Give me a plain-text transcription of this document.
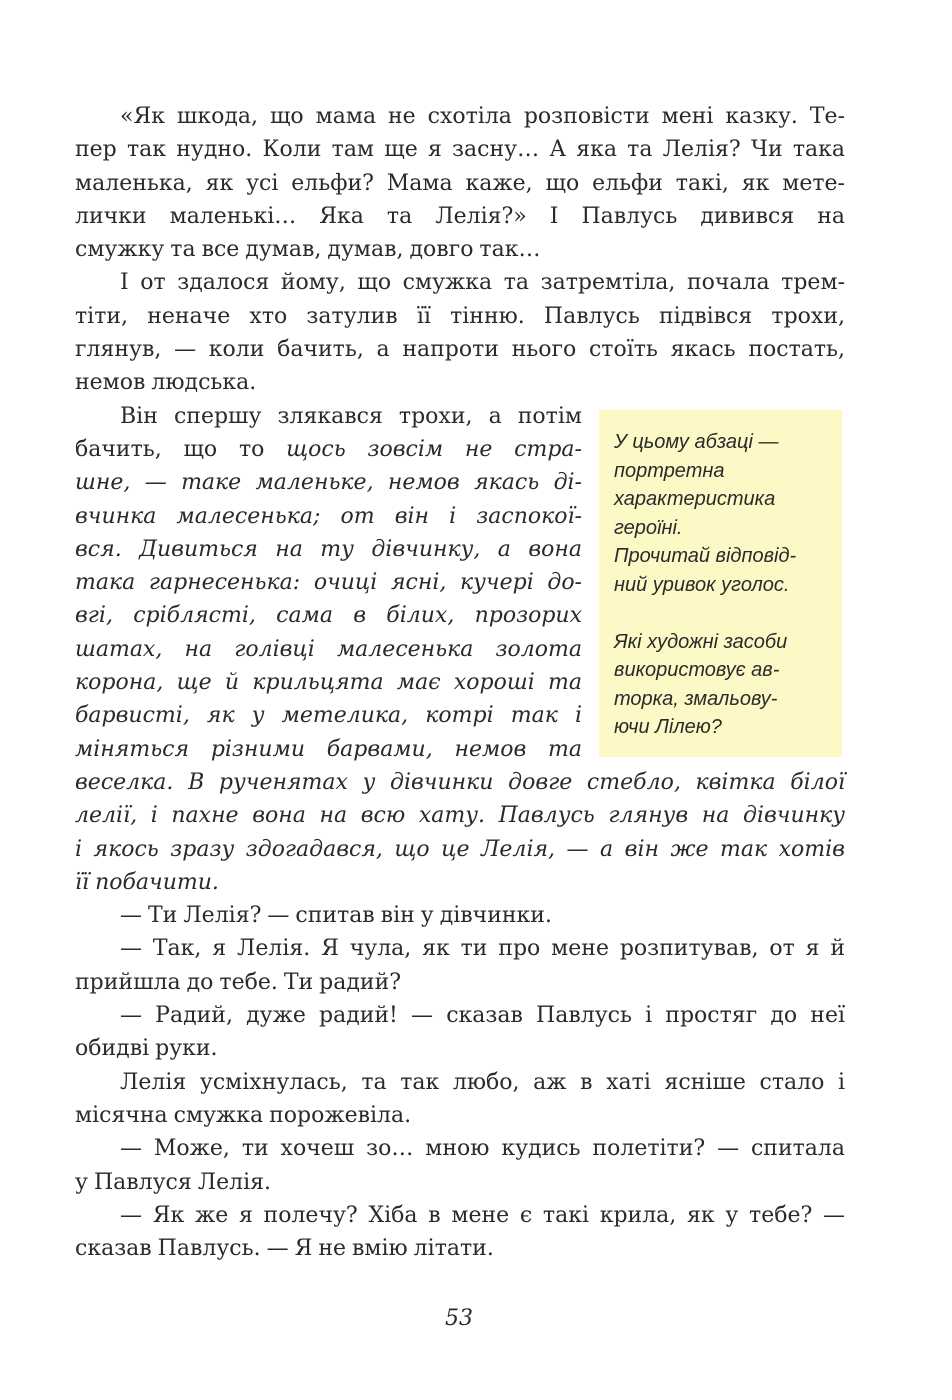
«Як шкода, що мама не схотіла розповісти мені казку. Те-
пер так нудно. Коли там ще я засну… А яка та Лелія? Чи така
маленька, як усі ельфи? Мама каже, що ельфи такі, як мете-
лички маленькі… Яка та Лелія?» І Павлусь дивився на
смужку та все думав, думав, довго так…
І от здалося йому, що смужка та затремтіла, почала трем-
тіти, неначе хто затулив її тінню. Павлусь підвівся трохи,
глянув, — коли бачить, а напроти нього стоїть якась постать,
немов людська.
Він спершу злякався трохи, а потім
бачить, що то щось зовсім не стра-
шне, — таке маленьке, немов якась ді-
вчинка малесенька; от він і заспокої-
вся. Дивиться на ту дівчинку, а вона
така гарнесенька: очиці ясні, кучері до-
вгі, сріблясті, сама в білих, прозорих
шатах, на голівці малесенька золота
корона, ще й крильцята має хороші та
барвисті, як у метелика, котрі так і
міняться різними барвами, немов та
веселка. В рученятах у дівчинки довге стебло, квітка білої
лелії, і пахне вона на всю хату. Павлусь глянув на дівчинку
і якось зразу здогадався, що це Лелія, — а він же так хотів
її побачити.
— Ти Лелія? — спитав він у дівчинки.
— Так, я Лелія. Я чула, як ти про мене розпитував, от я й
прийшла до тебе. Ти радий?
— Радий, дуже радий! — сказав Павлусь і простяг до неї
обидві руки.
Лелія усміхнулась, та так любо, аж в хаті ясніше стало і
місячна смужка порожевіла.
— Може, ти хочеш зо… мною кудись полетіти? — спитала
у Павлуся Лелія.
— Як же я полечу? Хіба в мене є такі крила, як у тебе? —
сказав Павлусь. — Я не вмію літати.
У цьому абзаці —
портретна
характеристика
героїні.
Прочитай відповід-
ний уривок уголос.
Які художні засоби
використовує ав-
торка, змальову-
ючи Лілею?
53
